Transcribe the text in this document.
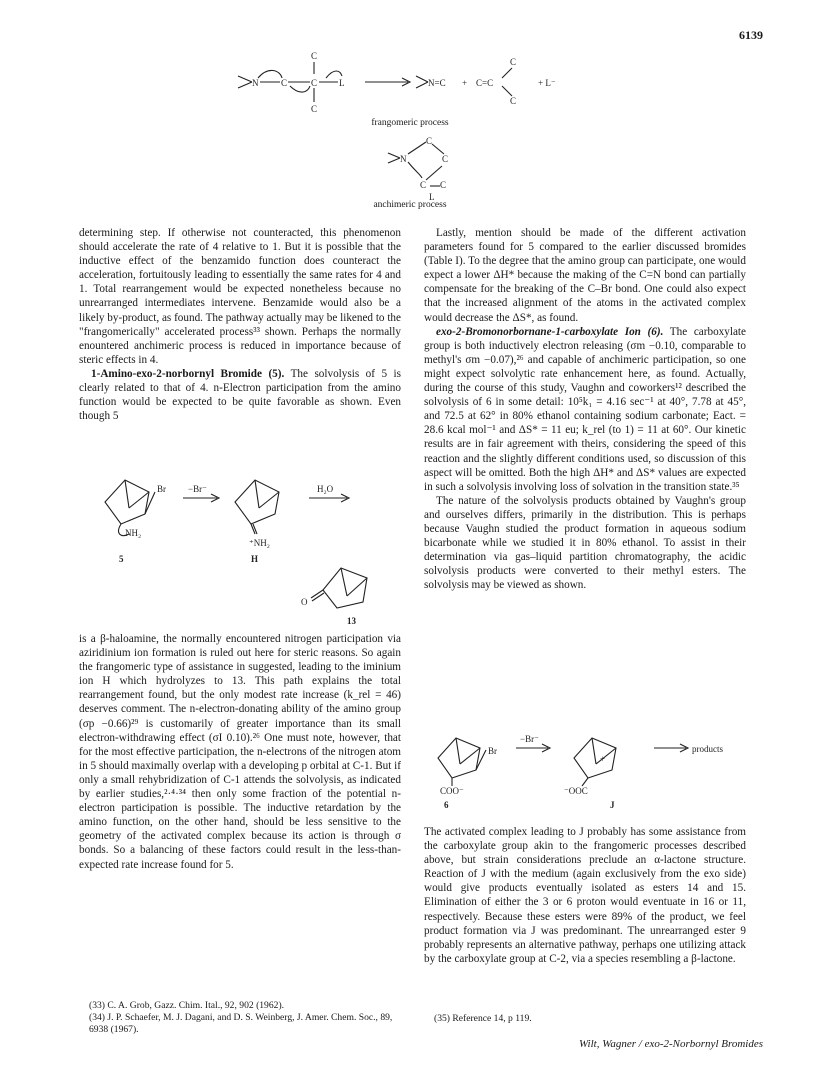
6139
N	C	C
C
C
L	N=C + C=C
C
C
+ L⁻
N
C
C
C C
L
frangomeric process
anchimeric process

determining step. If otherwise not counteracted, this phenomenon should accelerate the rate of 4 relative to 1. But it is possible that the inductive effect of the benzamido function does counteract the acceleration, fortuitously leading to essentially the same rates for 4 and 1. Total rearrangement would be expected nonetheless because no unrearranged intermediates intervene. Benzamide would also be a likely by-product, as found. The pathway actually may be likened to the "frangomerically" accelerated process³³ shown. Perhaps the normally enountered anchimeric process is reduced in importance because of steric effects in 4.

1-Amino-exo-2-norbornyl Bromide (5). The solvolysis of 5 is clearly related to that of 4. n-Electron participation from the amino function would be expected to be quite favorable as shown. Even though 5

Br
NH₂
5
−Br⁻
⁺NH₂
H
H₂O
O
13

is a β-haloamine, the normally encountered nitrogen participation via aziridinium ion formation is ruled out here for steric reasons. So again the frangomeric type of assistance in suggested, leading to the iminium ion H which hydrolyzes to 13. This path explains the total rearrangement found, but the only modest rate increase (k_rel = 46) deserves comment. The n-electron-donating ability of the amino group (σp −0.66)²⁹ is customarily of greater importance than its small electron-withdrawing effect (σI 0.10).²⁶ One must note, however, that for the most effective participation, the n-electrons of the nitrogen atom in 5 should maximally overlap with a developing p orbital at C-1. But if only a small rehybridization of C-1 attends the solvolysis, as indicated by earlier studies,²·⁴·³⁴ then only some fraction of the potential n-electron participation is possible. The inductive retardation by the amino function, on the other hand, should be less sensitive to the geometry of the activated complex because its action is through σ bonds. So a balancing of these factors could result in the less-than-expected rate increase found for 5.

(33) C. A. Grob, Gazz. Chim. Ital., 92, 902 (1962).
(34) J. P. Schaefer, M. J. Dagani, and D. S. Weinberg, J. Amer. Chem. Soc., 89, 6938 (1967).

Lastly, mention should be made of the different activation parameters found for 5 compared to the earlier discussed bromides (Table I). To the degree that the amino group can participate, one would expect a lower ΔH* because the making of the C=N bond can partially compensate for the breaking of the C–Br bond. One could also expect that the increased alignment of the atoms in the activated complex would decrease the ΔS*, as found.

exo-2-Bromonorbornane-1-carboxylate Ion (6). The carboxylate group is both inductively electron releasing (σm −0.10, comparable to methyl's σm −0.07),²⁶ and capable of anchimeric participation, so one might expect solvolytic rate enhancement here, as found. Actually, during the course of this study, Vaughn and coworkers¹² described the solvolysis of 6 in some detail: 10⁵k₁ = 4.16 sec⁻¹ at 40°, 7.78 at 45°, and 72.5 at 62° in 80% ethanol containing sodium carbonate; Eact. = 28.6 kcal mol⁻¹ and ΔS* = 11 eu; k_rel (to 1) = 11 at 60°. Our kinetic results are in fair agreement with theirs, considering the speed of this reaction and the slightly different conditions used, so discussion of this aspect will be omitted. Both the high ΔH* and ΔS* values are expected in such a solvolysis involving loss of solvation in the transition state.³⁵

The nature of the solvolysis products obtained by Vaughn's group and ourselves differs, primarily in the distribution. This is perhaps because Vaughn studied the product formation in aqueous sodium bicarbonate while we studied it in 80% ethanol. To assist in their determination via gas–liquid partition chromatography, the acidic solvolysis products were converted to their methyl esters. The solvolysis may be viewed as shown.

Br
COO⁻
6
−Br⁻
+
⁻OOC
J
products

The activated complex leading to J probably has some assistance from the carboxylate group akin to the frangomeric processes described above, but strain considerations preclude an α-lactone structure. Reaction of J with the medium (again exclusively from the exo side) would give products eventually isolated as esters 14 and 15. Elimination of either the 3 or 6 proton would eventuate in 16 or 11, respectively. Because these esters were 89% of the product, we feel product formation via J was predominant. The unrearranged ester 9 probably represents an alternative pathway, perhaps one utilizing attack by the carboxylate group at C-2, via a species resembling a β-lactone.

(35) Reference 14, p 119.
Wilt, Wagner / exo-2-Norbornyl Bromides
